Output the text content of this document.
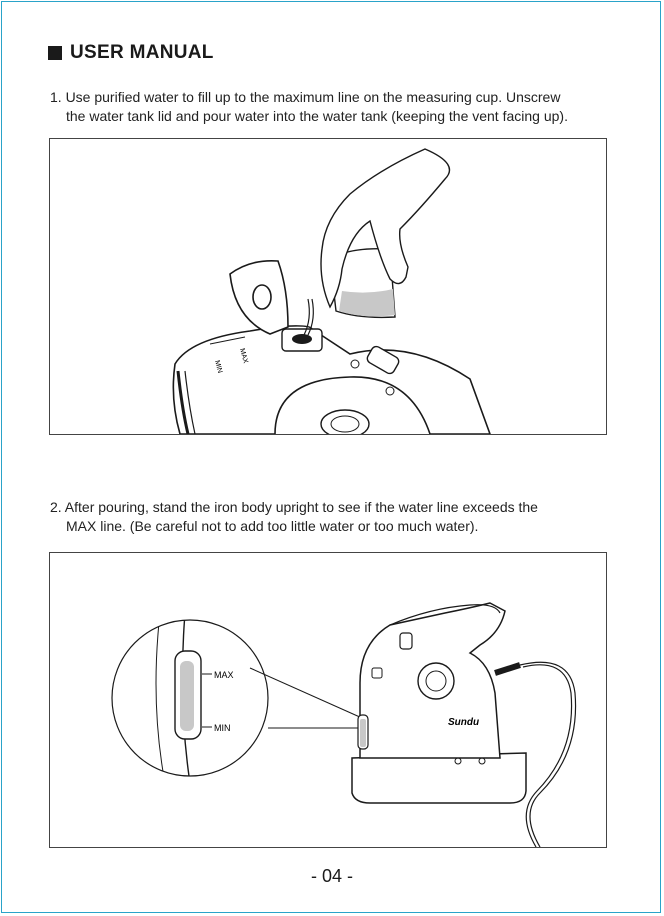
USER MANUAL
1. Use purified water to fill up to the maximum line on the measuring cup. Unscrew
the water tank lid and pour water into the water tank (keeping the vent facing up).
MIN
MAX
2. After pouring, stand the iron body upright to see if the water line exceeds the
MAX line. (Be careful not to add too little water or too much water).
MAX
MIN	Sundu
- 04 -
